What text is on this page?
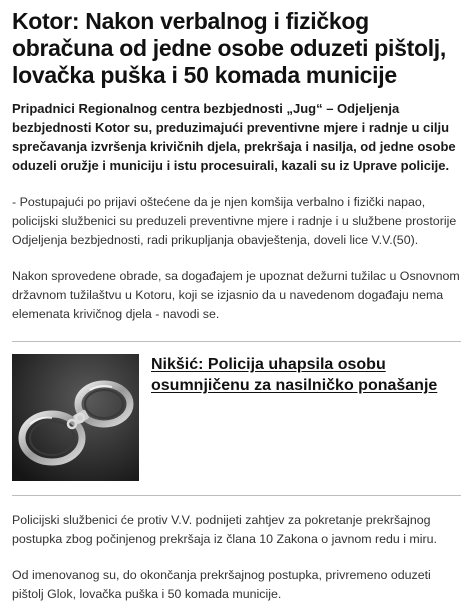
Kotor: Nakon verbalnog i fizičkog obračuna od jedne osobe oduzeti pištolj, lovačka puška i 50 komada municije

Pripadnici Regionalnog centra bezbjednosti „Jug“ – Odjeljenja bezbjednosti Kotor su, preduzimajući preventivne mjere i radnje u cilju sprečavanja izvršenja krivičnih djela, prekršaja i nasilja, od jedne osobe oduzeli oružje i municiju i istu procesuirali, kazali su iz Uprave policije.

- Postupajući po prijavi oštećene da je njen komšija verbalno i fizički napao, policijski službenici su preduzeli preventivne mjere i radnje i u službene prostorije Odjeljenja bezbjednosti, radi prikupljanja obavještenja, doveli lice V.V.(50).

Nakon sprovedene obrade, sa događajem je upoznat dežurni tužilac u Osnovnom državnom tužilaštvu u Kotoru, koji se izjasnio da u navedenom događaju nema elemenata krivičnog djela - navodi se.

Nikšić: Policija uhapsila osobu osumnjičenu za nasilničko ponašanje

Policijski službenici će protiv V.V. podnijeti zahtjev za pokretanje prekršajnog postupka zbog počinjenog prekršaja iz člana 10 Zakona o javnom redu i miru.

Od imenovanog su, do okončanja prekršajnog postupka, privremeno oduzeti pištolj Glok, lovačka puška i 50 komada municije.
